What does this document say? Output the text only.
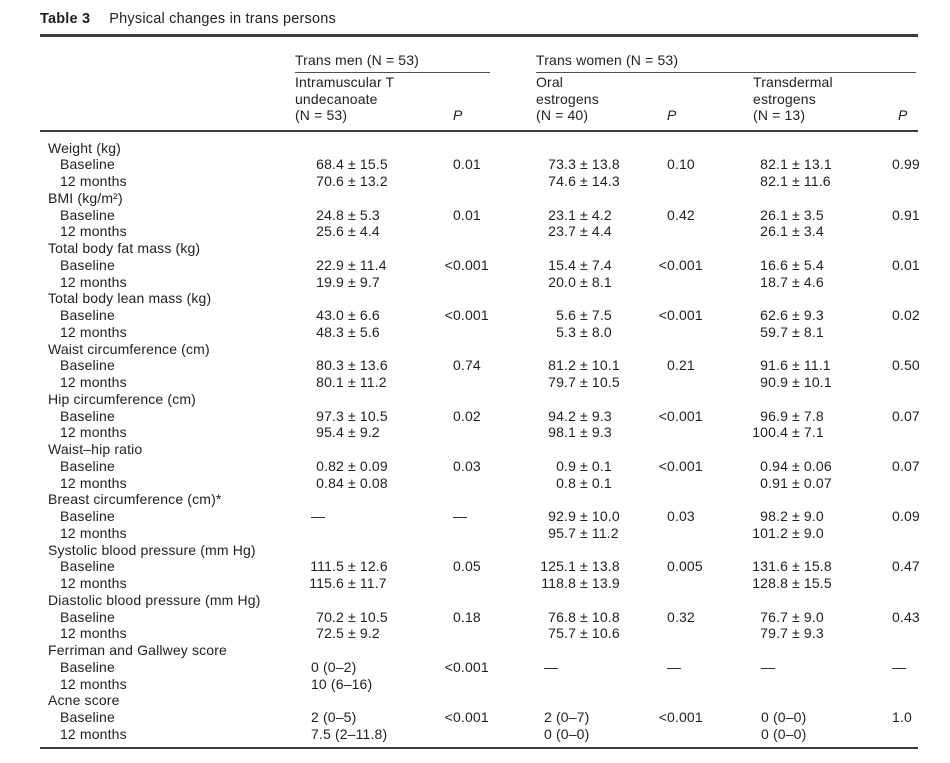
Table 3 Physical changes in trans persons

	Trans men (N = 53)		Trans women (N = 53)			

	Intramuscular T
undecanoate
(N = 53)	P	Oral
estrogens
(N = 40)	P	Transdermal
estrogens
(N = 13)	P
Weight (kg)						
Baseline	68.4 ± 15.5	0.01	73.3 ± 13.8	0.10	82.1 ± 13.1	0.99
12 months	70.6 ± 13.2		74.6 ± 14.3		82.1 ± 11.6	
BMI (kg/m²)						
Baseline	24.8 ± 5.3	0.01	23.1 ± 4.2	0.42	26.1 ± 3.5	0.91
12 months	25.6 ± 4.4		23.7 ± 4.4		26.1 ± 3.4	
Total body fat mass (kg)						
Baseline	22.9 ± 11.4	< 0.001	15.4 ± 7.4	< 0.001	16.6 ± 5.4	0.01
12 months	19.9 ± 9.7		20.0 ± 8.1		18.7 ± 4.6	
Total body lean mass (kg)						
Baseline	43.0 ± 6.6	< 0.001	5.6 ± 7.5	< 0.001	62.6 ± 9.3	0.02
12 months	48.3 ± 5.6		5.3 ± 8.0		59.7 ± 8.1	
Waist circumference (cm)						
Baseline	80.3 ± 13.6	0.74	81.2 ± 10.1	0.21	91.6 ± 11.1	0.50
12 months	80.1 ± 11.2		79.7 ± 10.5		90.9 ± 10.1	
Hip circumference (cm)						
Baseline	97.3 ± 10.5	0.02	94.2 ± 9.3	< 0.001	96.9 ± 7.8	0.07
12 months	95.4 ± 9.2		98.1 ± 9.3		100.4 ± 7.1	
Waist–hip ratio						
Baseline	0.82 ± 0.09	0.03	0.9 ± 0.1	< 0.001	0.94 ± 0.06	0.07
12 months	0.84 ± 0.08		0.8 ± 0.1		0.91 ± 0.07	
Breast circumference (cm)*						
Baseline	—	—	92.9 ± 10.0	0.03	98.2 ± 9.0	0.09
12 months			95.7 ± 11.2		101.2 ± 9.0	
Systolic blood pressure (mm Hg)						
Baseline	111.5 ± 12.6	0.05	125.1 ± 13.8	0.005	131.6 ± 15.8	0.47
12 months	115.6 ± 11.7		118.8 ± 13.9		128.8 ± 15.5	
Diastolic blood pressure (mm Hg)						
Baseline	70.2 ± 10.5	0.18	76.8 ± 10.8	0.32	76.7 ± 9.0	0.43
12 months	72.5 ± 9.2		75.7 ± 10.6		79.7 ± 9.3	
Ferriman and Gallwey score						
Baseline	0 (0–2)	< 0.001	—	—	—	—
12 months	10 (6–16)					
Acne score						
Baseline	2 (0–5)	< 0.001	2 (0–7)	< 0.001	0 (0–0)	1.0
12 months	7.5 (2–11.8)		0 (0–0)		0 (0–0)	
